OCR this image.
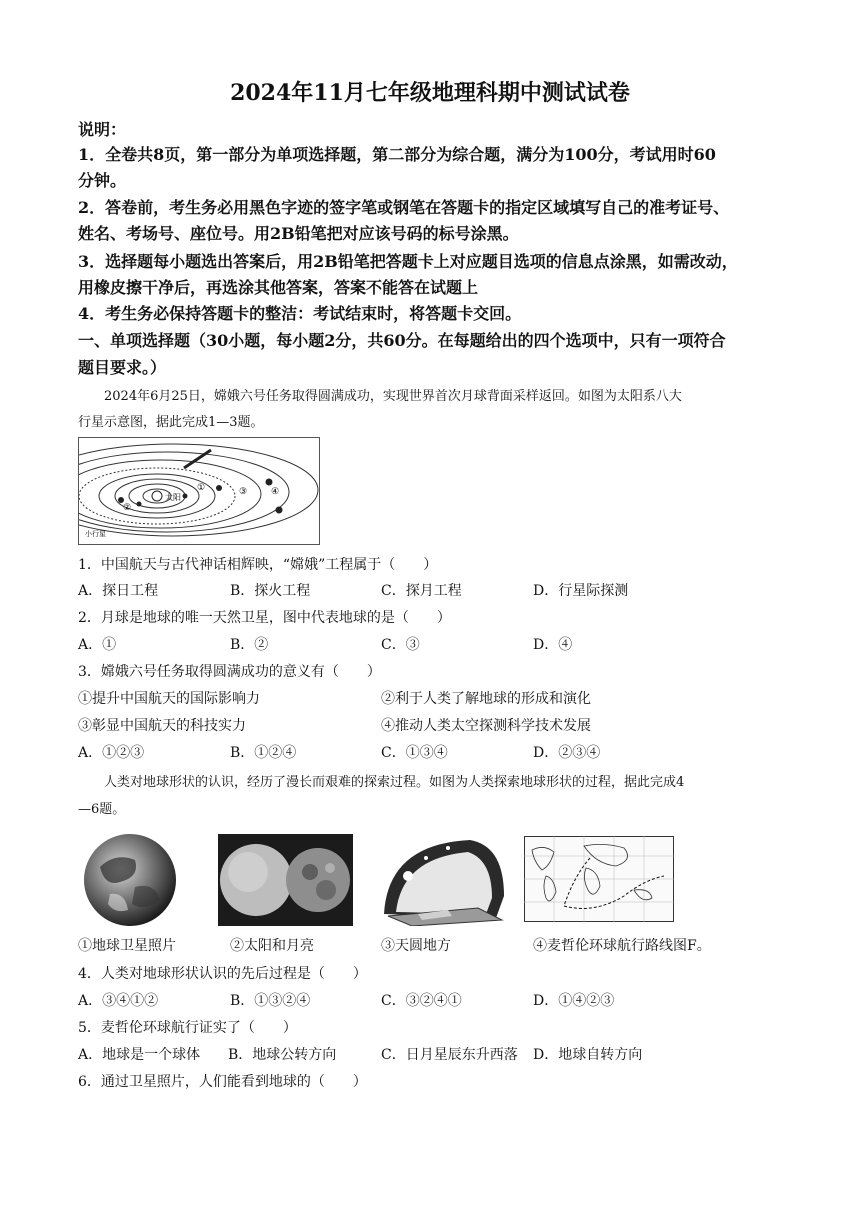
2024年11月七年级地理科期中测试试卷
说明：
1．全卷共8页，第一部分为单项选择题，第二部分为综合题，满分为100分，考试用时60
分钟。
2．答卷前，考生务必用黑色字迹的签字笔或钢笔在答题卡的指定区域填写自己的准考证号、
姓名、考场号、座位号。用2B铅笔把对应该号码的标号涂黑。
3．选择题每小题选出答案后，用2B铅笔把答题卡上对应题目选项的信息点涂黑，如需改动，
用橡皮擦干净后，再选涂其他答案，答案不能答在试题上
4．考生务必保持答题卡的整洁：考试结束时，将答题卡交回。
一、单项选择题（30小题，每小题2分，共60分。在每题给出的四个选项中，只有一项符合
题目要求。）
2024年6月25日，嫦娥六号任务取得圆满成功，实现世界首次月球背面采样返回。如图为太阳系八大
行星示意图，据此完成1—3题。
太阳
①
②
③	④
小行星
1．中国航天与古代神话相辉映，“嫦娥”工程属于（　　）
A．探日工程	B．探火工程	C．探月工程	D．行星际探测
2．月球是地球的唯一天然卫星，图中代表地球的是（　　）
A．①	B．②	C．③	D．④
3．嫦娥六号任务取得圆满成功的意义有（　　）
①提升中国航天的国际影响力	②利于人类了解地球的形成和演化
③彰显中国航天的科技实力	④推动人类太空探测科学技术发展
A．①②③	B．①②④	C．①③④	D．②③④
人类对地球形状的认识，经历了漫长而艰难的探索过程。如图为人类探索地球形状的过程，据此完成4
—6题。
①地球卫星照片	②太阳和月亮	③天圆地方	④麦哲伦环球航行路线图F。
4．人类对地球形状认识的先后过程是（　　）
A．③④①②	B．①③②④	C．③②④①	D．①④②③
5．麦哲伦环球航行证实了（　　）
A．地球是一个球体 B．地球公转方向	C．日月星辰东升西落 D．地球自转方向
6．通过卫星照片，人们能看到地球的（　　）
